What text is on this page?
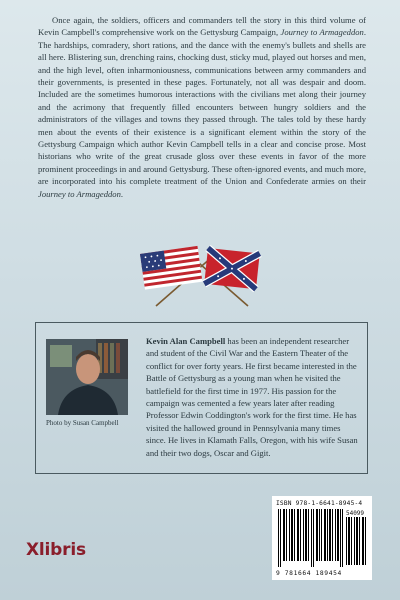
Once again, the soldiers, officers and commanders tell the story in this third volume of Kevin Campbell's comprehensive work on the Gettysburg Campaign, Journey to Armageddon. The hardships, comradery, short rations, and the dance with the enemy's bullets and shells are all here. Blistering sun, drenching rains, chocking dust, sticky mud, played out horses and men, and the high level, often inharmoniousness, communications between army commanders and their governments, is presented in these pages. Fortunately, not all was despair and doom. Included are the sometimes humorous interactions with the civilians met along their journey and the acrimony that frequently filled encounters between hungry soldiers and the administrators of the villages and towns they passed through. The tales told by these hardy men about the events of their existence is a significant element within the story of the Gettysburg Campaign which author Kevin Campbell tells in a clear and concise prose. Most historians who write of the great crusade gloss over these events in favor of the more prominent proceedings in and around Gettysburg. These often-ignored events, and much more, are incorporated into his complete treatment of the Union and Confederate armies on their Journey to Armageddon.
Photo by Susan Campbell
Kevin Alan Campbell has been an independent researcher and student of the Civil War and the Eastern Theater of the conflict for over forty years. He first became interested in the Battle of Gettysburg as a young man when he visited the battlefield for the first time in 1977. His passion for the campaign was cemented a few years later after reading Professor Edwin Coddington's work for the first time. He has visited the hallowed ground in Pennsylvania many times since. He lives in Klamath Falls, Oregon, with his wife Susan and their two dogs, Oscar and Gigit.
ISBN 978-1-6641-8945-4
54099
9 781664 189454
Xlibris
